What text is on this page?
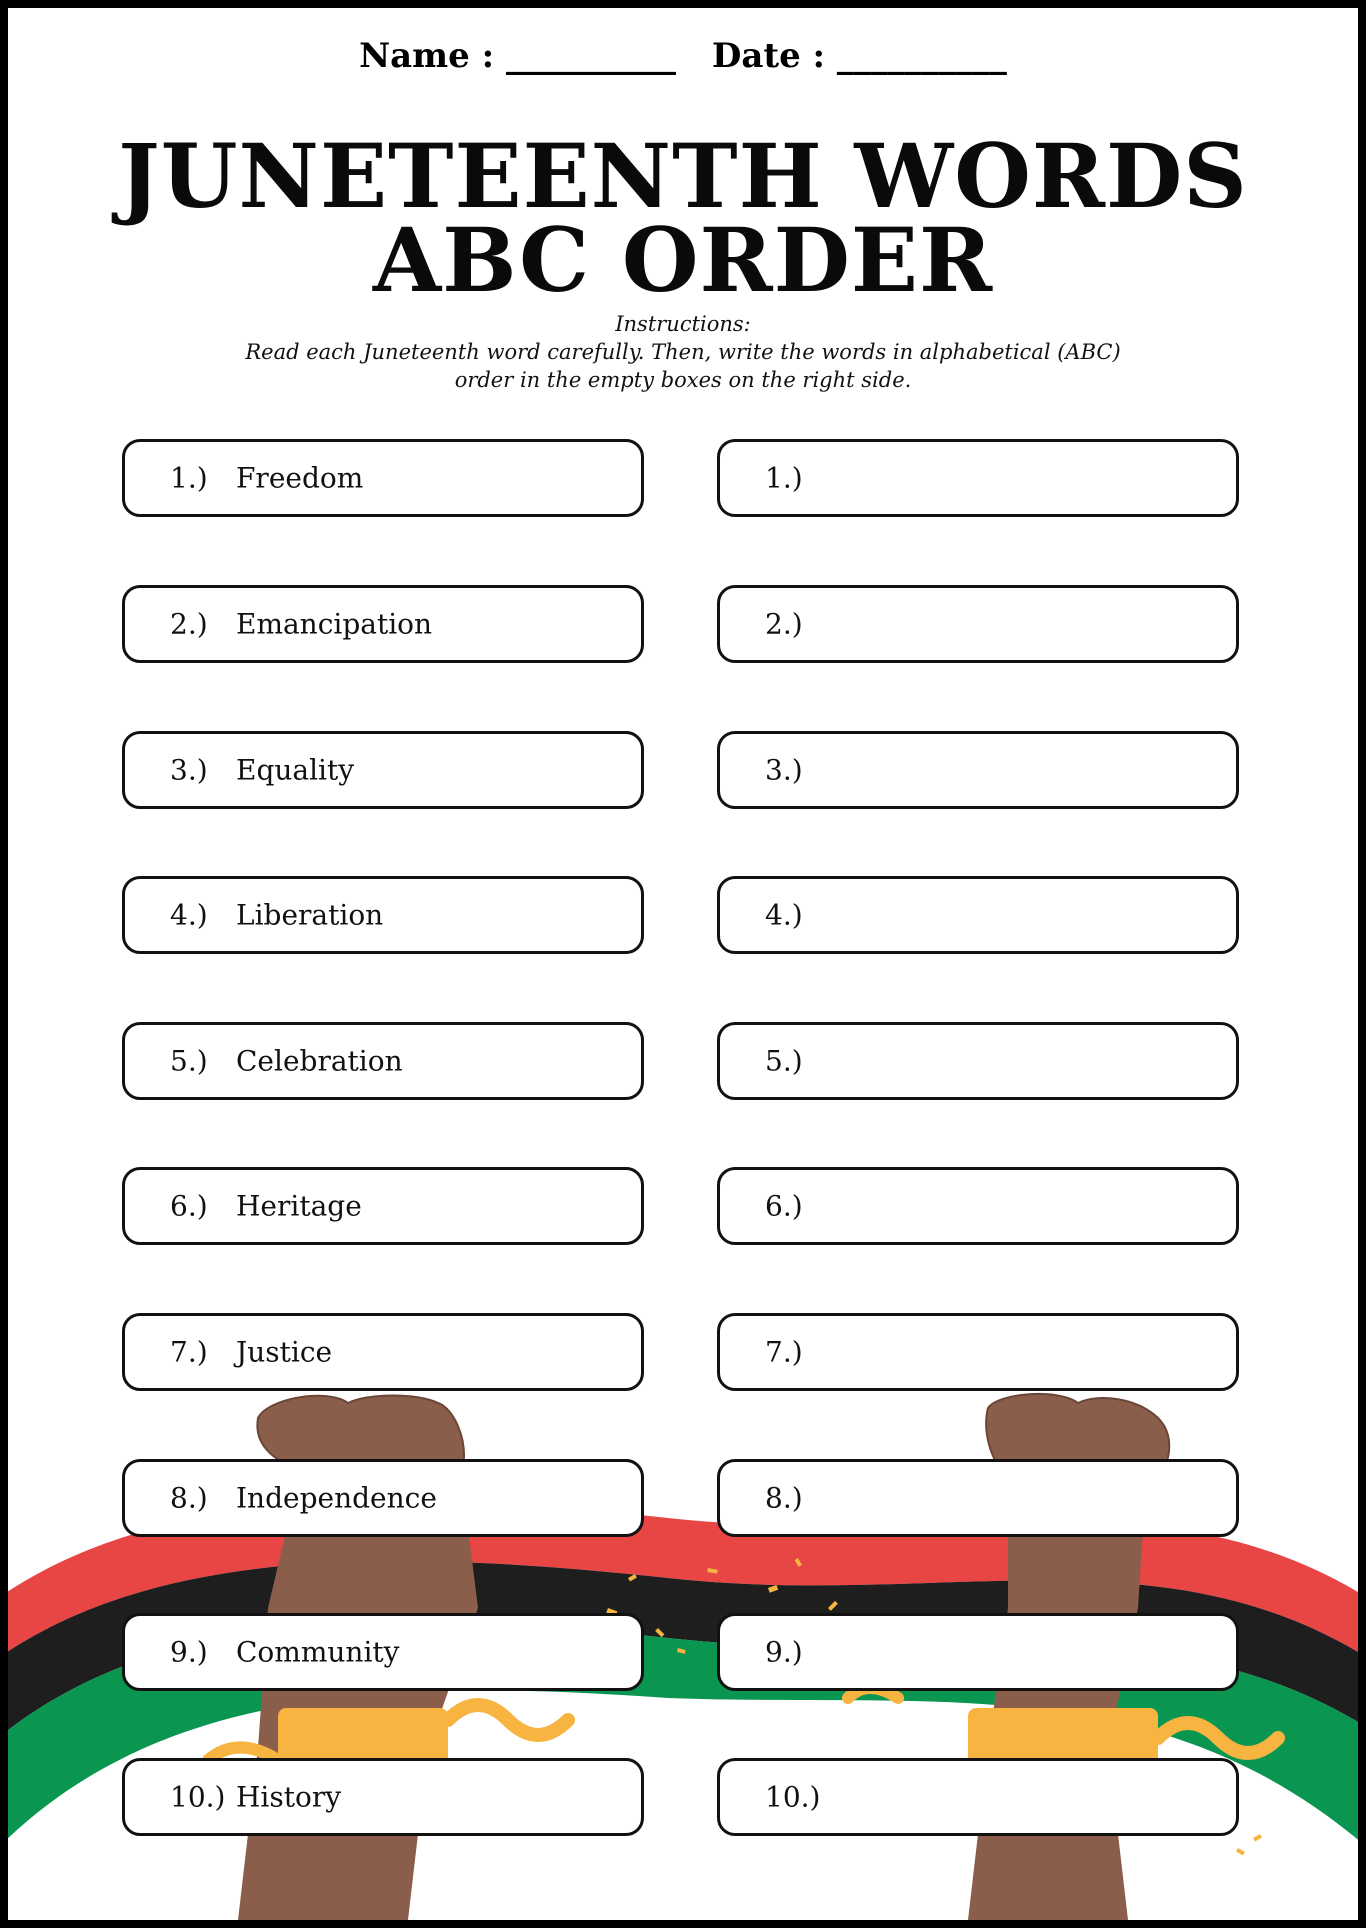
Name : __________ Date : __________
JUNETEENTH WORDS
ABC ORDER
Instructions:
Read each Juneteenth word carefully. Then, write the words in alphabetical (ABC)
order in the empty boxes on the right side.
1.) Freedom
2.) Emancipation
3.) Equality
4.) Liberation
5.) Celebration
6.) Heritage
7.) Justice
8.) Independence
9.) Community
10.) History
1.)
2.)
3.)
4.)
5.)
6.)
7.)
8.)
9.)
10.)
